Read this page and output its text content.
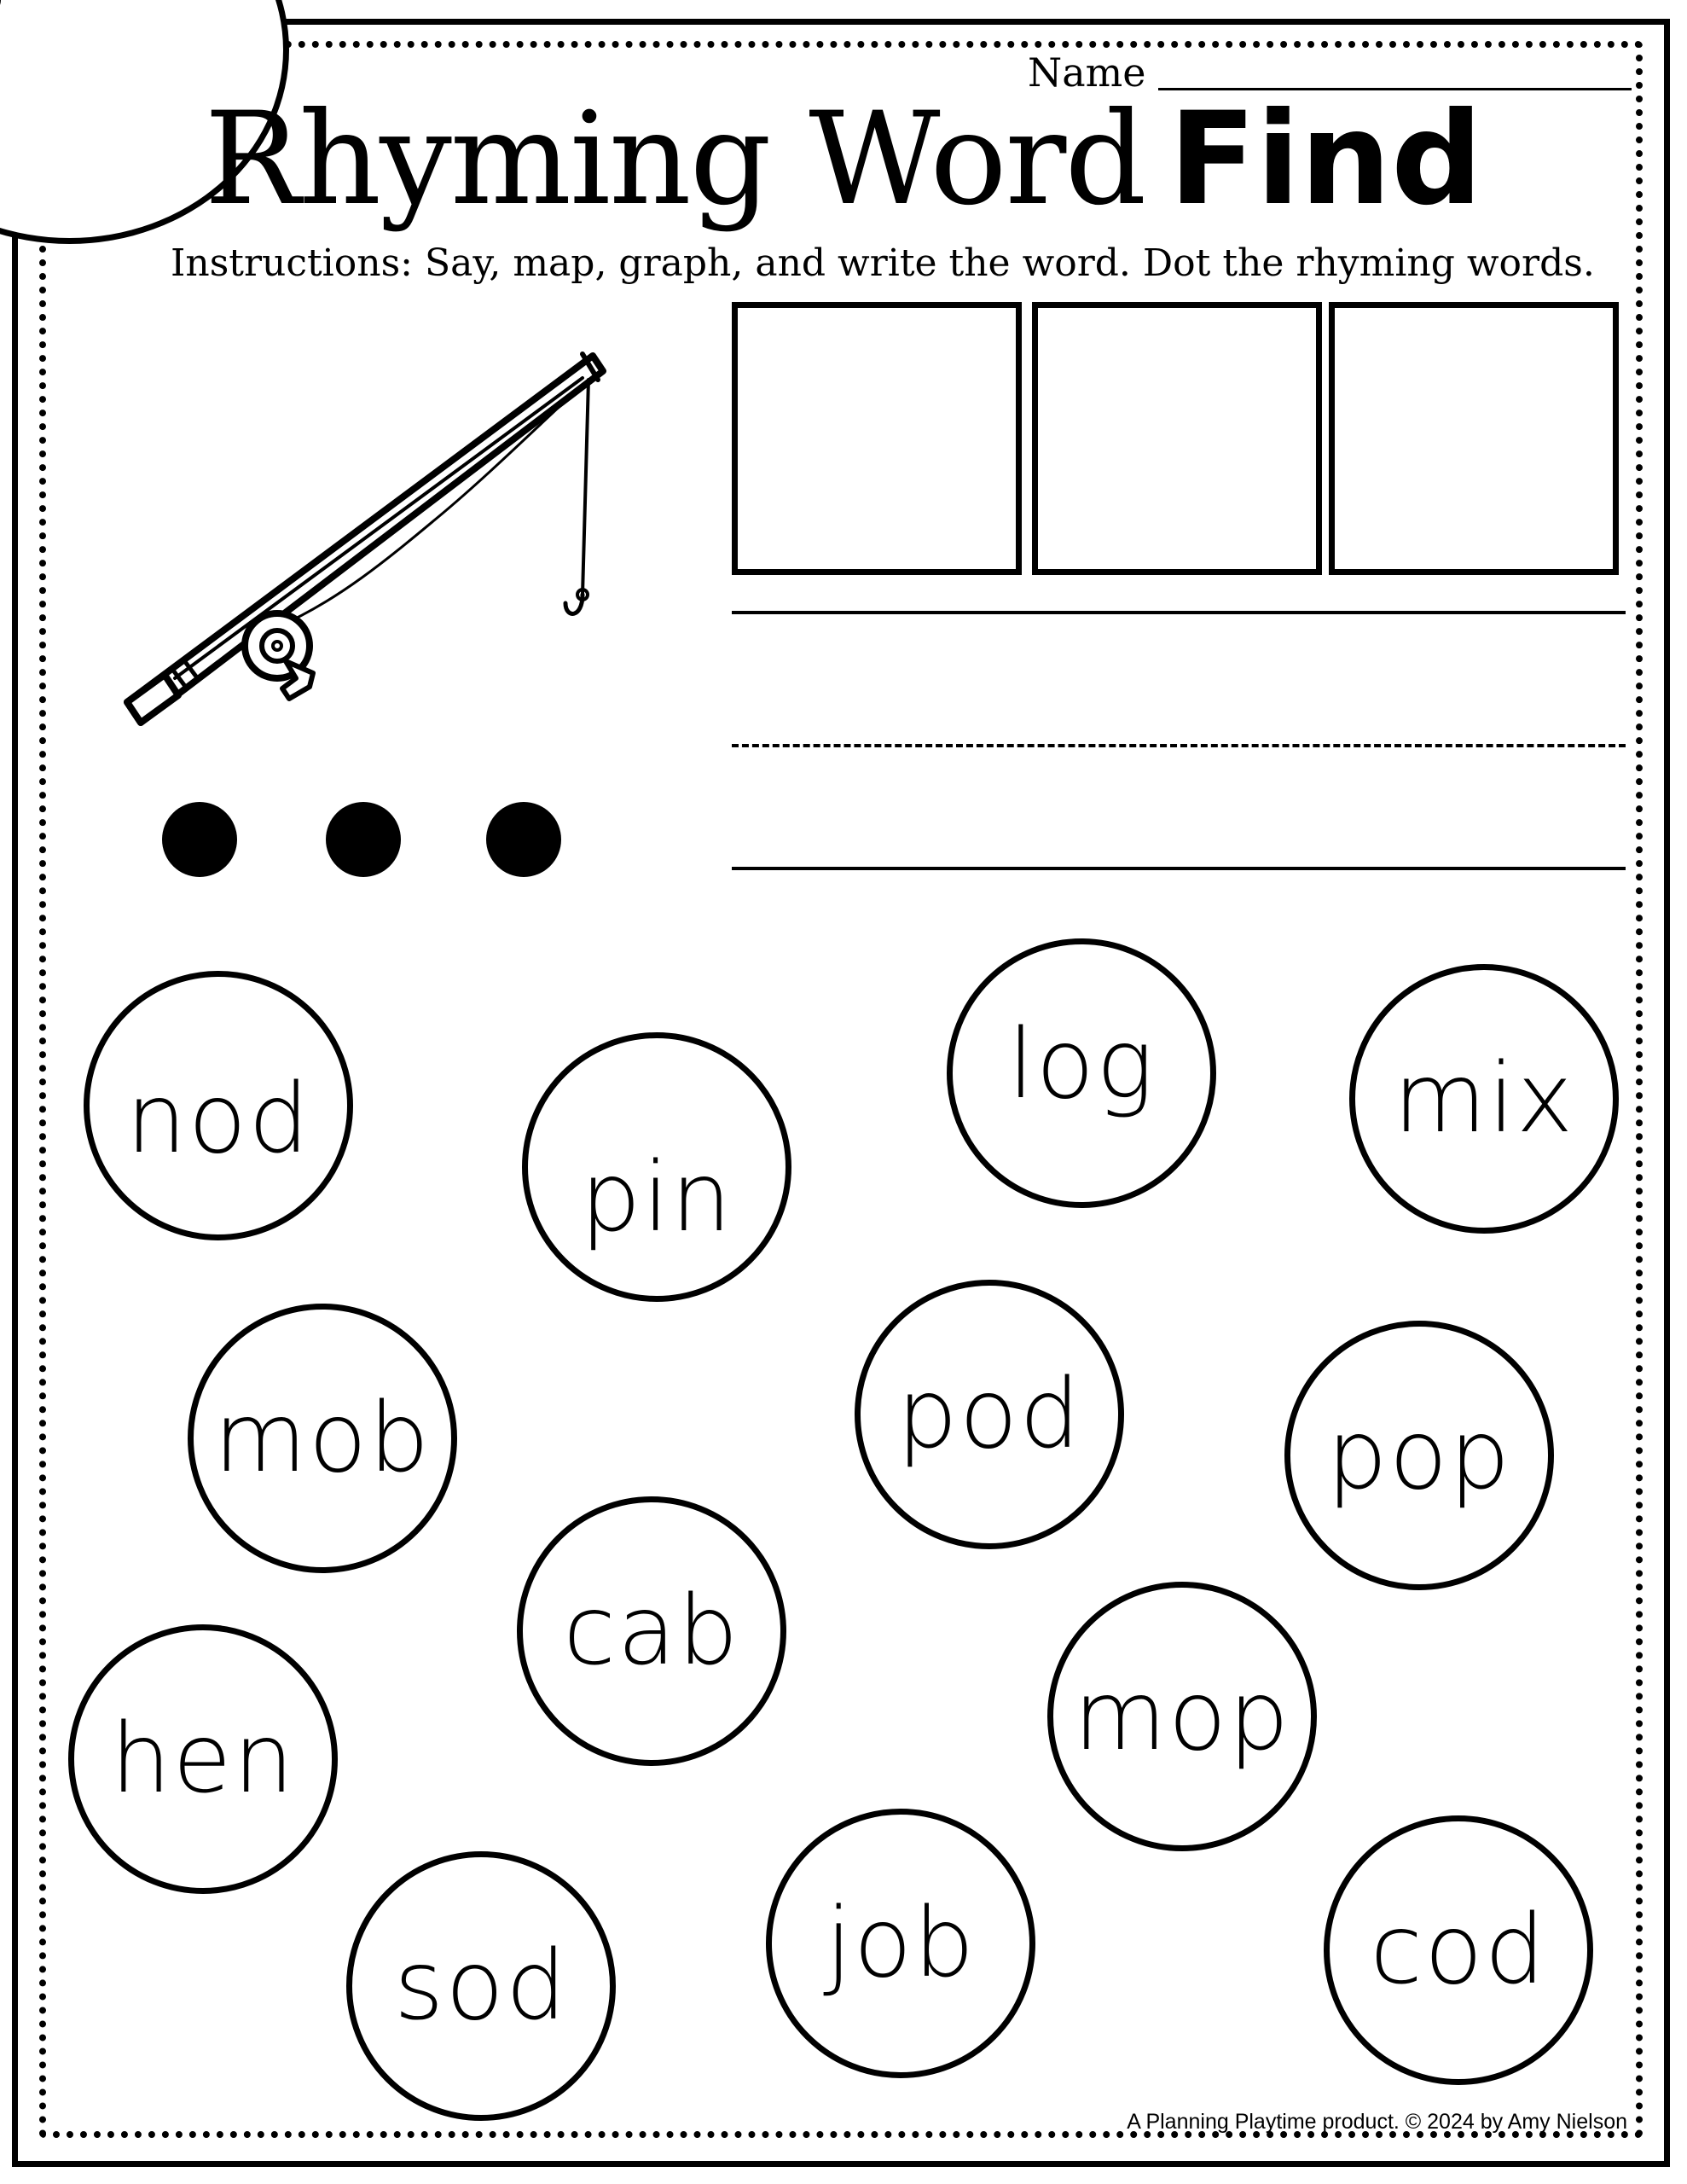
Name
Rhyming Word Find
Instructions: Say, map, graph, and write the word. Dot the rhyming words.
nod
pin
log mix
mob	pod	pop
cab
hen	mop
sod	job	cod
A Planning Playtime product. © 2024 by Amy Nielson
